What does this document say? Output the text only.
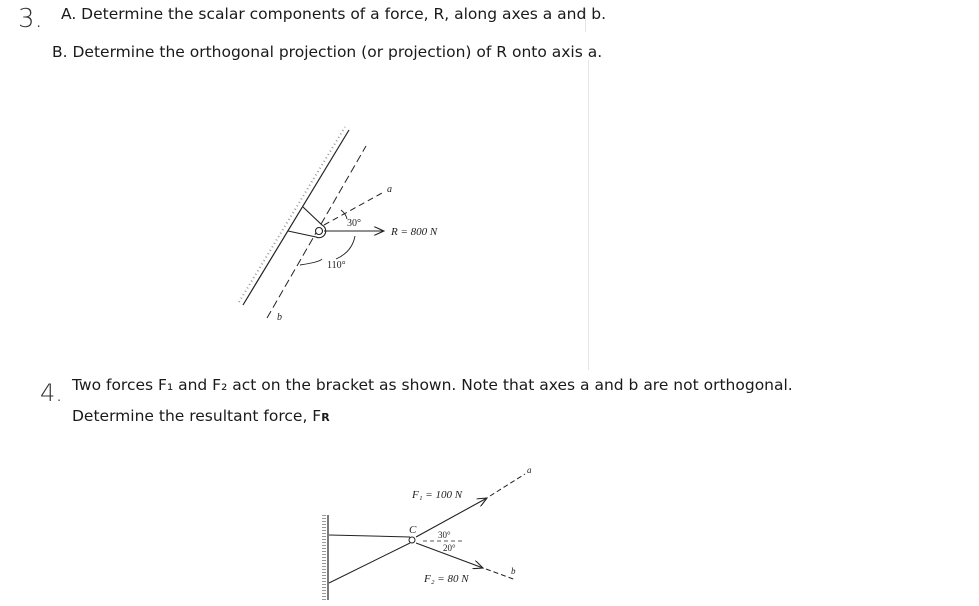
3. A. Determine the scalar components of a force, R, along axes a and b.
B. Determine the orthogonal projection (or projection) of R onto axis a.
4. Two forces F₁ and F₂ act on the bracket as shown. Note that axes a and b are not orthogonal.
Determine the resultant force, FR
30°
110°
R = 800 N
a
b
C 30°
20°
F₁ = 100 N
F₂ = 80 N
a
b
